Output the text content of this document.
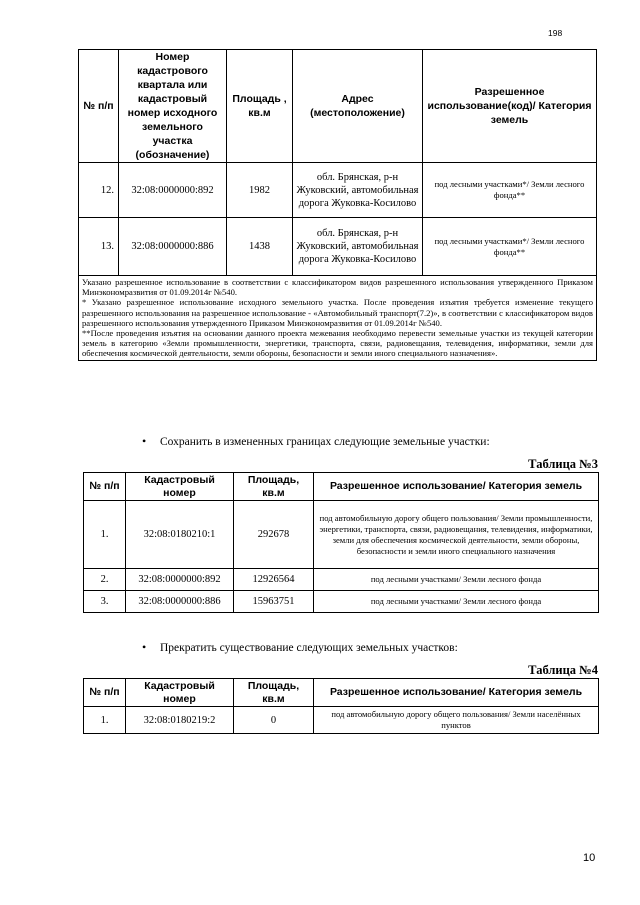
198
№ п/п	Номер кадастрового квартала или кадастровый номер исходного земельного участка (обозначение)	Площадь , кв.м	Адрес (местоположение)	Разрешенное использование(код)/ Категория земель
12.	32:08:0000000:892	1982	обл. Брянская, р-н Жуковский, автомобильная дорога Жуковка-Косилово	под лесными участками*/ Земли лесного фонда**
13.	32:08:0000000:886	1438	обл. Брянская, р-н Жуковский, автомобильная дорога Жуковка-Косилово	под лесными участками*/ Земли лесного фонда**

Указано разрешенное использование в соответствии с классификатором видов разрешенного использования утвержденного Приказом Минэкономразвития от 01.09.2014г №540.
* Указано разрешенное использование исходного земельного участка. После проведения изъятия требуется изменение текущего разрешенного использования на разрешенное использование - «Автомобильный транспорт(7.2)», в соответствии с классификатором видов разрешенного использования утвержденного Приказом Минэкономразвития от 01.09.2014г №540.
**После проведения изъятия на основании данного проекта межевания необходимо перевести земельные участки из текущей категории земель в категорию «Земли промышленности, энергетики, транспорта, связи, радиовещания, телевидения, информатики, земли для обеспечения космической деятельности, земли обороны, безопасности и земли иного специального назначения».				
• Сохранить в измененных границах следующие земельные участки:
Таблица №3
№ п/п	Кадастровый номер	Площадь, кв.м	Разрешенное использование/ Категория земель
1.	32:08:0180210:1	292678	под автомобильную дорогу общего пользования/ Земли промышленности, энергетики, транспорта, связи, радиовещания, телевидения, информатики, земли для обеспечения космической деятельности, земли обороны, безопасности и земли иного специального назначения
2.	32:08:0000000:892	12926564	под лесными участками/ Земли лесного фонда
3.	32:08:0000000:886	15963751	под лесными участками/ Земли лесного фонда
• Прекратить существование следующих земельных участков:
Таблица №4
№ п/п	Кадастровый номер	Площадь, кв.м	Разрешенное использование/ Категория земель
1.	32:08:0180219:2	0	под автомобильную дорогу общего пользования/ Земли населённых пунктов
10
